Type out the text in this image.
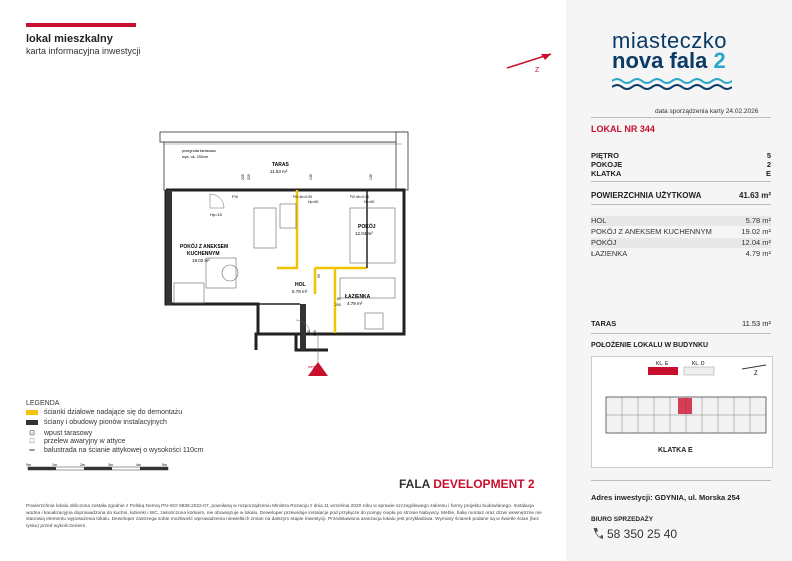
lokal mieszkalny
karta informacyjna inwestycji
Z
miasteczko
nova fala 2
data sporządzenia karty 24.02.2026
LOKAL NR 344
PIĘTRO	5
POKOJE	2
KLATKA	E
POWIERZCHNIA UŻYTKOWA	41.63 m²
HOL	5.78 m²
POKÓJ Z ANEKSEM KUCHENNYM	19.02 m²
POKÓJ	12.04 m²
ŁAZIENKA	4.79 m²
TARAS	11.53 m²
POŁOŻENIE LOKALU W BUDYNKU
KL. E	KL. D
Z
KLATKA E
Adres inwestycji: GDYNIA, ul. Morska 254
BIURO SPRZEDAŻY
58 350 25 40
TARAS
11.53 m²
przegroda tarasowa
wys. ok. 200cm
POKÓJ Z ANEKSEM
KUCHENNYM
19.02 m²
POKÓJ
12.04 m²
HOL
5.78 m²
ŁAZIENKA
4.79 m²
wejście
Hp=15
FIX	FIX dh=0.90
Hp=50
FIX dh=0.90
Hp=50
225 229	135	135
90
80
200
80 200
LEGENDA
ścianki działowe nadające się do demontażu
ściany i obudowy pionów instalacyjnych
⊡	wpust tarasowy
□	przelew awaryjny w attyce
═	balustrada na ścianie attykowej o wysokości 110cm
0m	1m	2m	3m	4m	5m
FALA DEVELOPMENT 2
Powierzchnia lokalu obliczona została zgodnie z Polską Normą PN-ISO 9836:2022-07, powołaną w rozporządzeniu Ministra Rozwoju z dnia 11 września 2020 roku w sprawie szczegółowego zakresu i formy projektu budowlanego. Instalacja wodna i kanalizacyjna doprowadzona do kuchni, łazienki i WC, zakończona korkiem, nie obowiązuje w lokalu. Deweloper przewiduje instalacje pod przyłącze do pompy ciepła po stronie Nabywcy. Meble, balię montaż oraz drzwi wewnętrzne nie stanowią elementu wyposażenia lokalu. Deweloper zastrzega sobie możliwość wprowadzenia niewielkich zmian na dalszym etapie inwestycji. Przedstawiona aranżacja lokalu jest przykładowa. Wymiary ścianek podane są w świetle ścian (bez tynku) przed wykończeniem.
